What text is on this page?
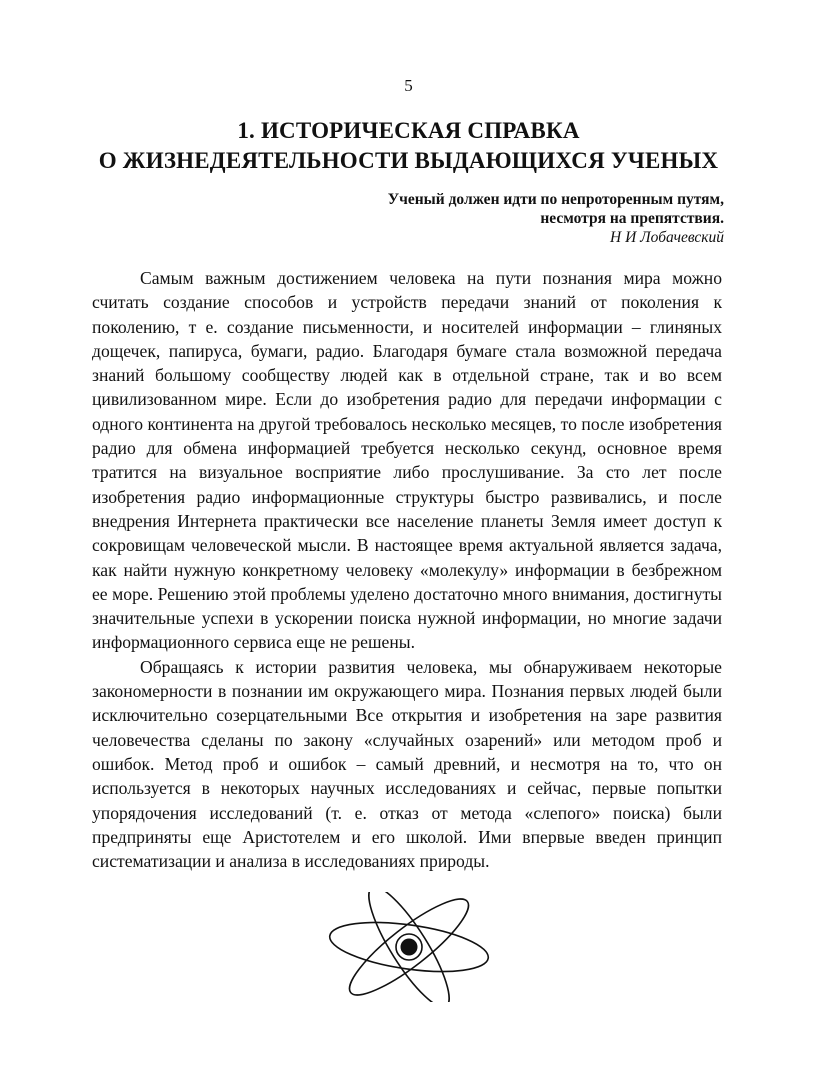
5
1. ИСТОРИЧЕСКАЯ СПРАВКА
О ЖИЗНЕДЕЯТЕЛЬНОСТИ ВЫДАЮЩИХСЯ УЧЕНЫХ
Ученый должен идти по непроторенным путям,
несмотря на препятствия.
Н И Лобачевский

Самым важным достижением человека на пути познания мира можно считать создание способов и устройств передачи знаний от поколения к поколению, т е. создание письменности, и носителей информации – глиняных дощечек, папируса, бумаги, радио. Благодаря бумаге стала возможной передача знаний большому сообществу людей как в отдельной стране, так и во всем цивилизованном мире. Если до изобретения радио для передачи информации с одного континента на другой требовалось несколько месяцев, то после изобретения радио для обмена информацией требуется несколько секунд, основное время тратится на визуальное восприятие либо прослушивание. За сто лет после изобретения радио информационные структуры быстро развивались, и после внедрения Интернета практически все население планеты Земля имеет доступ к сокровищам человеческой мысли. В настоящее время актуальной является задача, как найти нужную конкретному человеку «молекулу» информации в безбрежном ее море. Решению этой проблемы уделено достаточно много внимания, достигнуты значительные успехи в ускорении поиска нужной информации, но многие задачи информационного сервиса еще не решены.

Обращаясь к истории развития человека, мы обнаруживаем некоторые закономерности в познании им окружающего мира. Познания первых людей были исключительно созерцательными Все открытия и изобретения на заре развития человечества сделаны по закону «случайных озарений» или методом проб и ошибок. Метод проб и ошибок – самый древний, и несмотря на то, что он используется в некоторых научных исследованиях и сейчас, первые попытки упорядочения исследований (т. е. отказ от метода «слепого» поиска) были предприняты еще Аристотелем и его школой. Ими впервые введен принцип систематизации и анализа в исследованиях природы.
